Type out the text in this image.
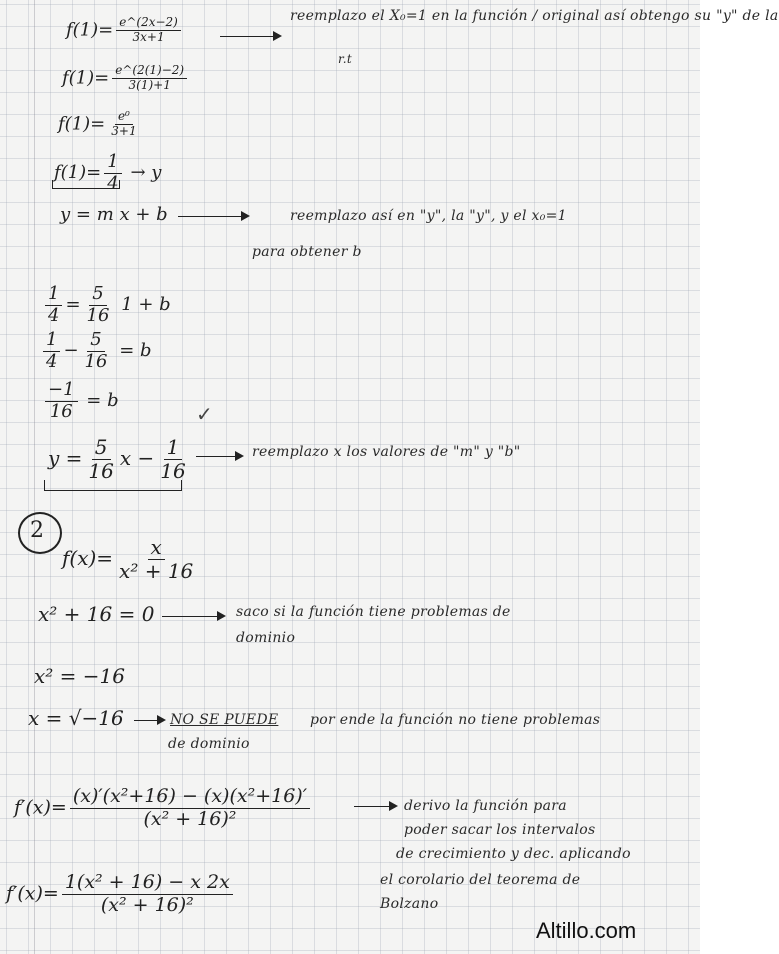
$f(1)= \frac{e\^{}(2x-2)}{3x+1}$	reemplazo el X₀=1 en la función / original así obtengo su "y" de la
r.t
$f(1)= \frac{e\^{}(2(1)-2)}{3(1)+1}$
$f(1)= \frac{\text{e⁰}}{3+1}$
$f(1)= \frac{1}{4} \to y$
y = m x + b	reemplazo así en "y", la "y", y el x₀=1
para obtener b
$\frac{1}{4} = \frac{5}{16} 1 + b$
$\frac{1}{4} - \frac{5}{16} = b$
$\frac{-1}{16} = b$
✓
$y = \frac{5}{16}$ $x - \frac{1}{16}$	reemplazo x los valores de "m" y "b"
2
$f(x)= \frac{x}{\text{x² + 16}}$
x² + 16 = 0	saco si la función tiene problemas de
dominio
x² = −16
x = √−16	NO SE PUEDE por ende la función no tiene problemas
de dominio
$f'(x)= \frac{\text{(x)′(x²+16) − (x)(x²+16)′}}{\text{(x² + 16)²}}$	derivo la función para
poder sacar los intervalos
de crecimiento y dec. aplicando
el corolario del teorema de
Bolzano
$f'(x)= \frac{\text{1(x² + 16) − x 2x}}{\text{(x² + 16)²}}$
Altillo.com
